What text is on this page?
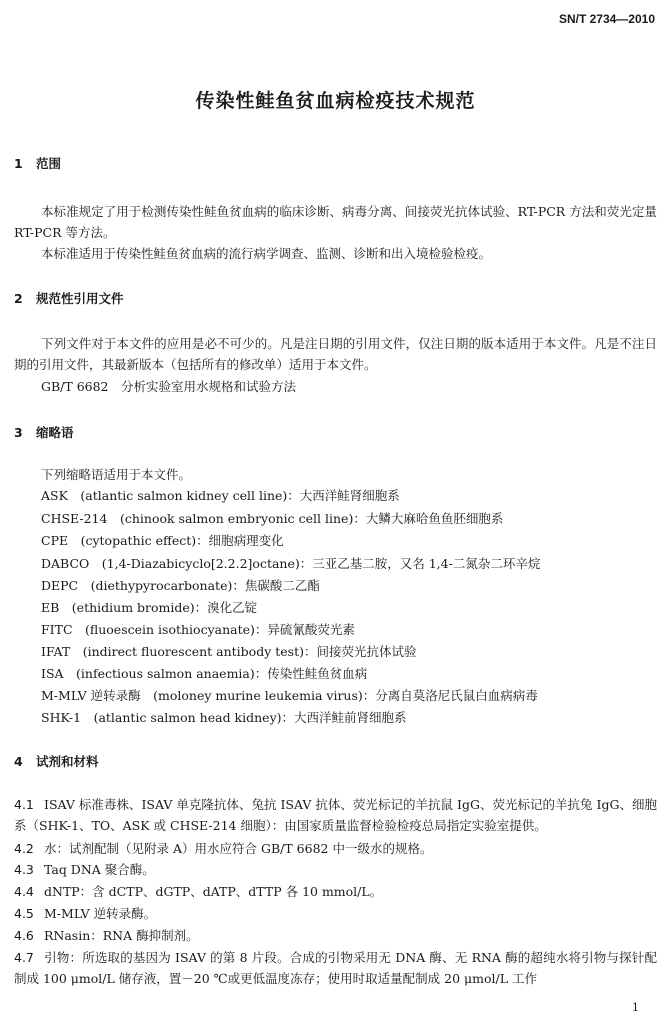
SN/T 2734—2010
传染性鲑鱼贫血病检疫技术规范
1 范围
本标准规定了用于检测传染性鲑鱼贫血病的临床诊断、病毒分离、间接荧光抗体试验、RT-PCR 方法和荧光定量 RT-PCR 等方法。
本标准适用于传染性鲑鱼贫血病的流行病学调查、监测、诊断和出入境检验检疫。
2 规范性引用文件
下列文件对于本文件的应用是必不可少的。凡是注日期的引用文件，仅注日期的版本适用于本文件。凡是不注日期的引用文件，其最新版本（包括所有的修改单）适用于本文件。
GB/T 6682　分析实验室用水规格和试验方法
3 缩略语
下列缩略语适用于本文件。
ASK　(atlantic salmon kidney cell line)：大西洋鲑肾细胞系
CHSE-214　(chinook salmon embryonic cell line)：大鳞大麻哈鱼鱼胚细胞系
CPE　(cytopathic effect)：细胞病理变化
DABCO　(1,4-Diazabicyclo[2.2.2]octane)：三亚乙基二胺，又名 1,4-二氮杂二环辛烷
DEPC　(diethypyrocarbonate)：焦碳酸二乙酯
EB　(ethidium bromide)：溴化乙锭
FITC　(fluoescein isothiocyanate)：异硫氰酸荧光素
IFAT　(indirect fluorescent antibody test)：间接荧光抗体试验
ISA　(infectious salmon anaemia)：传染性鲑鱼贫血病
M-MLV 逆转录酶　(moloney murine leukemia virus)：分离自莫洛尼氏鼠白血病病毒
SHK-1　(atlantic salmon head kidney)：大西洋鲑前肾细胞系
4 试剂和材料
4.1 ISAV 标准毒株、ISAV 单克隆抗体、兔抗 ISAV 抗体、荧光标记的羊抗鼠 IgG、荧光标记的羊抗兔 IgG、细胞系（SHK-1、TO、ASK 或 CHSE-214 细胞）：由国家质量监督检验检疫总局指定实验室提供。
4.2 水：试剂配制（见附录 A）用水应符合 GB/T 6682 中一级水的规格。
4.3 Taq DNA 聚合酶。
4.4 dNTP：含 dCTP、dGTP、dATP、dTTP 各 10 mmol/L。
4.5 M-MLV 逆转录酶。
4.6 RNasin：RNA 酶抑制剂。
4.7 引物：所选取的基因为 ISAV 的第 8 片段。合成的引物采用无 DNA 酶、无 RNA 酶的超纯水将引物与探针配制成 100 μmol/L 储存液，置－20 ℃或更低温度冻存；使用时取适量配制成 20 μmol/L 工作
1
